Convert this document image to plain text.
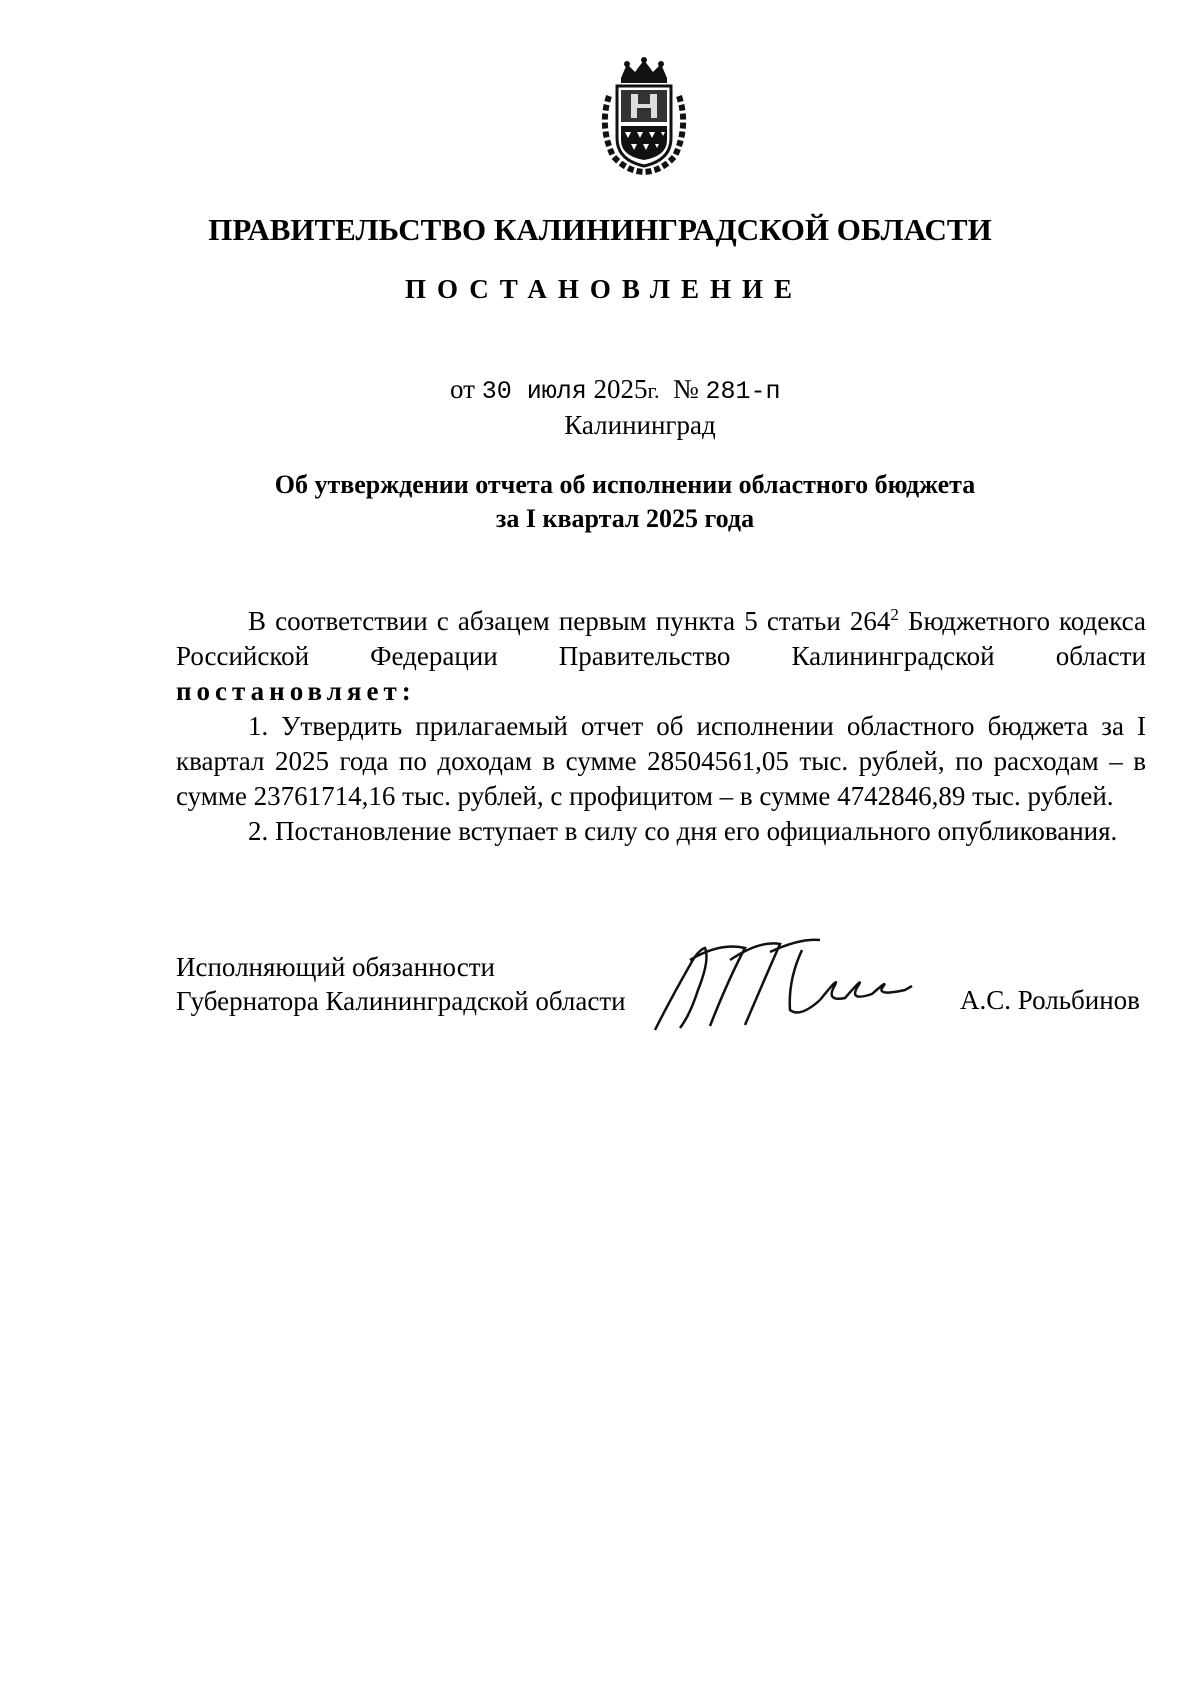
ПРАВИТЕЛЬСТВО КАЛИНИНГРАДСКОЙ ОБЛАСТИ
ПОСТАНОВЛЕНИЕ
от 30 июля 2025г. № 281-п
Калининград
Об утверждении отчета об исполнении областного бюджета
за I квартал 2025 года

В соответствии с абзацем первым пункта 5 статьи $264^2$ Бюджетного кодекса Российской Федерации Правительство Калининградской области постановляет:

1. Утвердить прилагаемый отчет об исполнении областного бюджета за I квартал 2025 года по доходам в сумме 28504561,05 тыс. рублей, по расходам – в сумме 23761714,16 тыс. рублей, с профицитом – в сумме 4742846,89 тыс. рублей.

2. Постановление вступает в силу со дня его официального опубликования.

Исполняющий обязанности
Губернатора Калининградской области	А.С. Рольбинов
